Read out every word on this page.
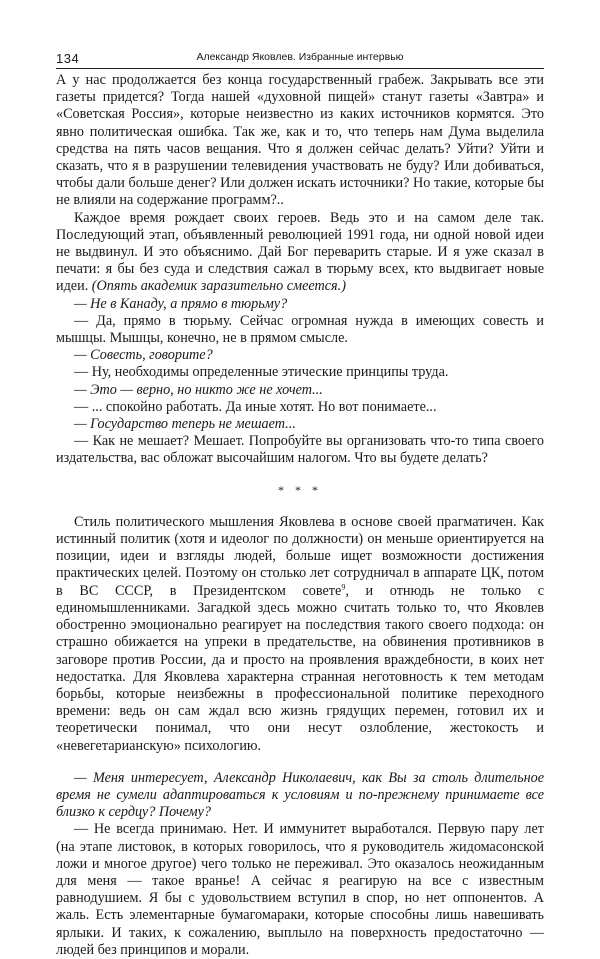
134	Александр Яковлев. Избранные интервью

А у нас продолжается без конца государственный грабеж. Закрывать все эти газеты придется? Тогда нашей «духовной пищей» станут газеты «Завтра» и «Советская Россия», которые неизвестно из каких источников кормятся. Это явно политическая ошибка. Так же, как и то, что теперь нам Дума выделила средства на пять часов вещания. Что я должен сейчас делать? Уйти? Уйти и сказать, что я в разрушении телевидения участвовать не буду? Или добиваться, чтобы дали больше денег? Или должен искать источники? Но такие, которые бы не влияли на содержание программ?..

Каждое время рождает своих героев. Ведь это и на самом деле так. Последующий этап, объявленный революцией 1991 года, ни одной новой идеи не выдвинул. И это объяснимо. Дай Бог переварить старые. И я уже сказал в печати: я бы без суда и следствия сажал в тюрьму всех, кто выдвигает новые идеи. (Опять академик заразительно смеется.)

— Не в Канаду, а прямо в тюрьму?

— Да, прямо в тюрьму. Сейчас огромная нужда в имеющих совесть и мышцы. Мышцы, конечно, не в прямом смысле.

— Совесть, говорите?

— Ну, необходимы определенные этические принципы труда.

— Это — верно, но никто же не хочет...

— ... спокойно работать. Да иные хотят. Но вот понимаете...

— Государство теперь не мешает...

— Как не мешает? Мешает. Попробуйте вы организовать что-то типа своего издательства, вас обложат высочайшим налогом. Что вы будете делать?

* * *

Стиль политического мышления Яковлева в основе своей прагматичен. Как истинный политик (хотя и идеолог по должности) он меньше ориентируется на позиции, идеи и взгляды людей, больше ищет возможности достижения практических целей. Поэтому он столько лет сотрудничал в аппарате ЦК, потом в ВС СССР, в Президентском совете$^9$, и отнюдь не только с единомышленниками. Загадкой здесь можно считать только то, что Яковлев обостренно эмоционально реагирует на последствия такого своего подхода: он страшно обижается на упреки в предательстве, на обвинения противников в заговоре против России, да и просто на проявления враждебности, в коих нет недостатка. Для Яковлева характерна странная неготовность к тем методам борьбы, которые неизбежны в профессиональной политике переходного времени: ведь он сам ждал всю жизнь грядущих перемен, готовил их и теоретически понимал, что они несут озлобление, жестокость и «невегетарианскую» психологию.

— Меня интересует, Александр Николаевич, как Вы за столь длительное время не сумели адаптироваться к условиям и по-прежнему принимаете все близко к сердцу? Почему?

— Не всегда принимаю. Нет. И иммунитет выработался. Первую пару лет (на этапе листовок, в которых говорилось, что я руководитель жидомасонской ложи и многое другое) чего только не переживал. Это оказалось неожиданным для меня — такое вранье! А сейчас я реагирую на все с известным равнодушием. Я бы с удовольствием вступил в спор, но нет оппонентов. А жаль. Есть элементарные бумагомараки, которые способны лишь навешивать ярлыки. И таких, к сожалению, выплыло на поверхность предостаточно — людей без принципов и морали.
